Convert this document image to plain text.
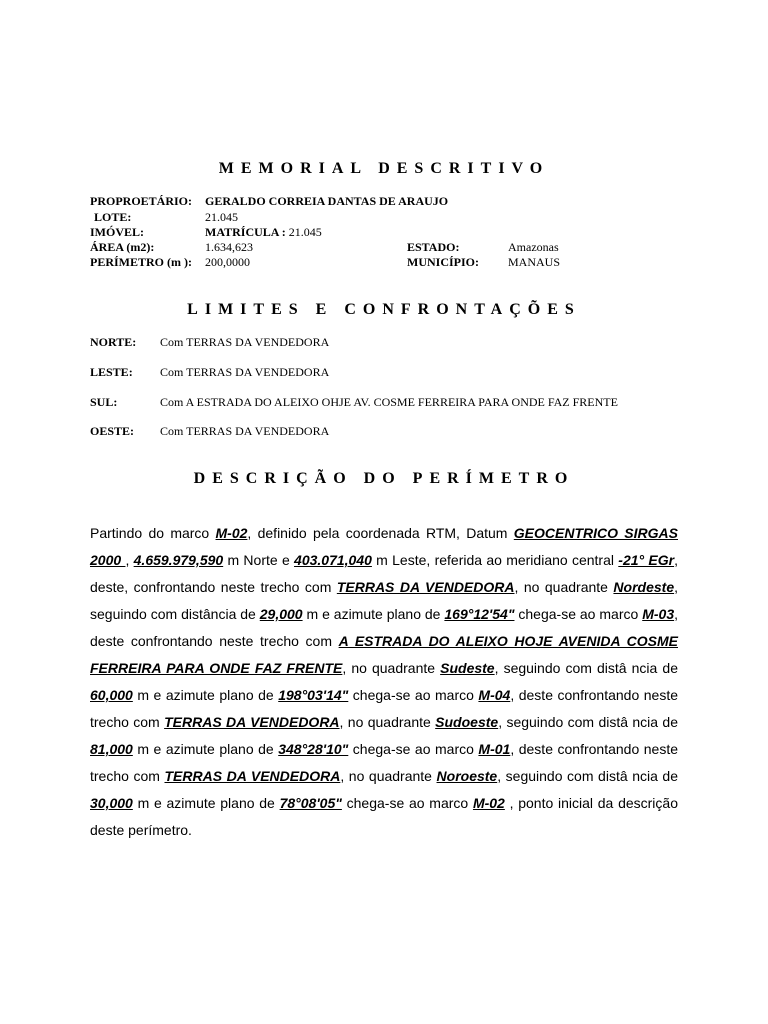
MEMORIAL DESCRITIVO
PROPROETÁRIO: GERALDO CORREIA DANTAS DE ARAUJO
LOTE:	21.045
IMÓVEL:	MATRÍCULA : 21.045
ÁREA (m2):	1.634,623	ESTADO:	Amazonas
PERÍMETRO (m ): 200,0000	MUNICÍPIO: MANAUS
LIMITES E CONFRONTAÇÕES
NORTE: Com TERRAS DA VENDEDORA
LESTE: Com TERRAS DA VENDEDORA
SUL:	Com A ESTRADA DO ALEIXO OHJE AV. COSME FERREIRA PARA ONDE FAZ FRENTE
OESTE: Com TERRAS DA VENDEDORA
DESCRIÇÃO DO PERÍMETRO
Partindo do marco M-02, definido pela coordenada RTM, Datum GEOCENTRICO SIRGAS 2000 , 4.659.979,590 m Norte e 403.071,040 m Leste, referida ao meridiano central -21° EGr, deste, confrontando neste trecho com TERRAS DA VENDEDORA, no quadrante Nordeste, seguindo com distância de 29,000 m e azimute plano de 169°12'54" chega-se ao marco M-03, deste confrontando neste trecho com A ESTRADA DO ALEIXO HOJE AVENIDA COSME FERREIRA PARA ONDE FAZ FRENTE, no quadrante Sudeste, seguindo com distâ ncia de 60,000 m e azimute plano de 198°03'14" chega-se ao marco M-04, deste confrontando neste trecho com TERRAS DA VENDEDORA, no quadrante Sudoeste, seguindo com distâ ncia de 81,000 m e azimute plano de 348°28'10" chega-se ao marco M-01, deste confrontando neste trecho com TERRAS DA VENDEDORA, no quadrante Noroeste, seguindo com distâ ncia de 30,000 m e azimute plano de 78°08'05" chega-se ao marco M-02 , ponto inicial da descrição deste perímetro.
